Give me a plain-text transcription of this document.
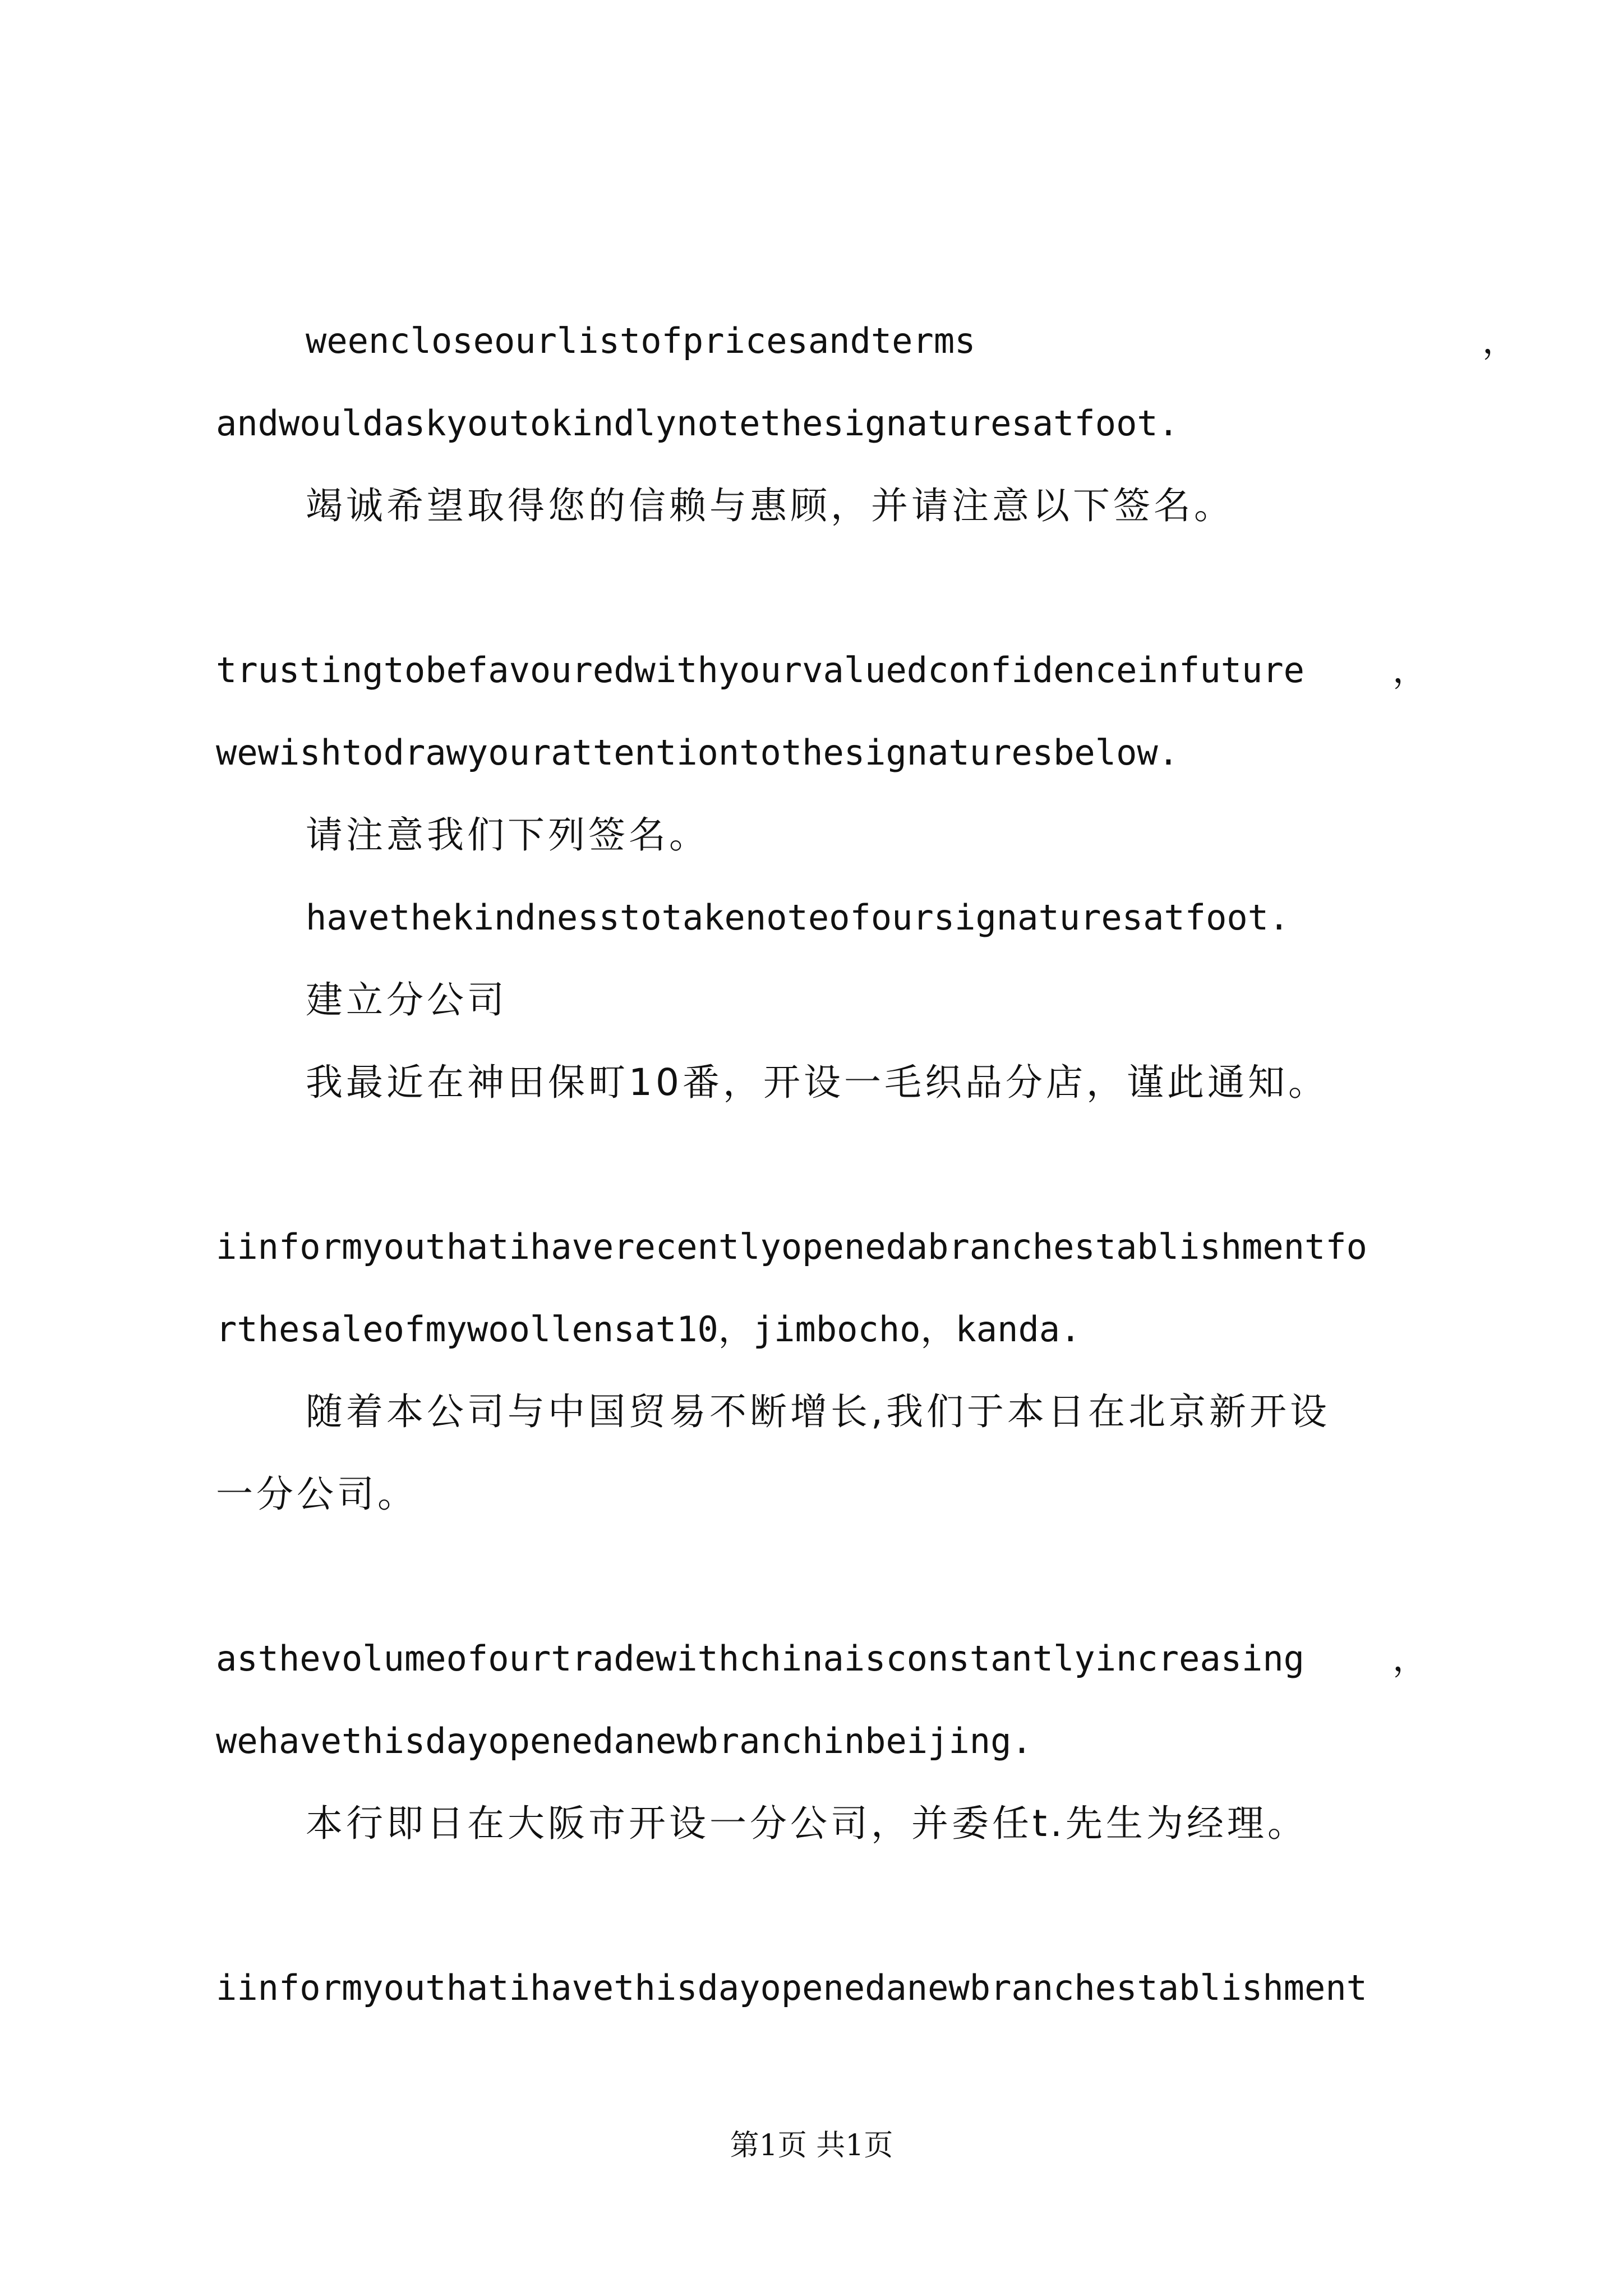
weencloseourlistofpricesandterms	，
andwouldaskyoutokindlynotethesignaturesatfoot.
竭诚希望取得您的信赖与惠顾，并请注意以下签名。
trustingtobefavouredwithyourvaluedconfidenceinfuture	，
wewishtodrawyourattentiontothesignaturesbelow.
请注意我们下列签名。
havethekindnesstotakenoteofoursignaturesatfoot.
建立分公司
我最近在神田保町10番，开设一毛织品分店，谨此通知。
iinformyouthatihaverecentlyopenedabranchestablishmentfo
rthesaleofmywoollensat10，jimbocho，kanda.
随着本公司与中国贸易不断增长,我们于本日在北京新开设
一分公司。
asthevolumeofourtradewithchinaisconstantlyincreasing	，
wehavethisdayopenedanewbranchinbeijing.
本行即日在大阪市开设一分公司，并委任t.先生为经理。
iinformyouthatihavethisdayopenedanewbranchestablishment
第1页 共1页
